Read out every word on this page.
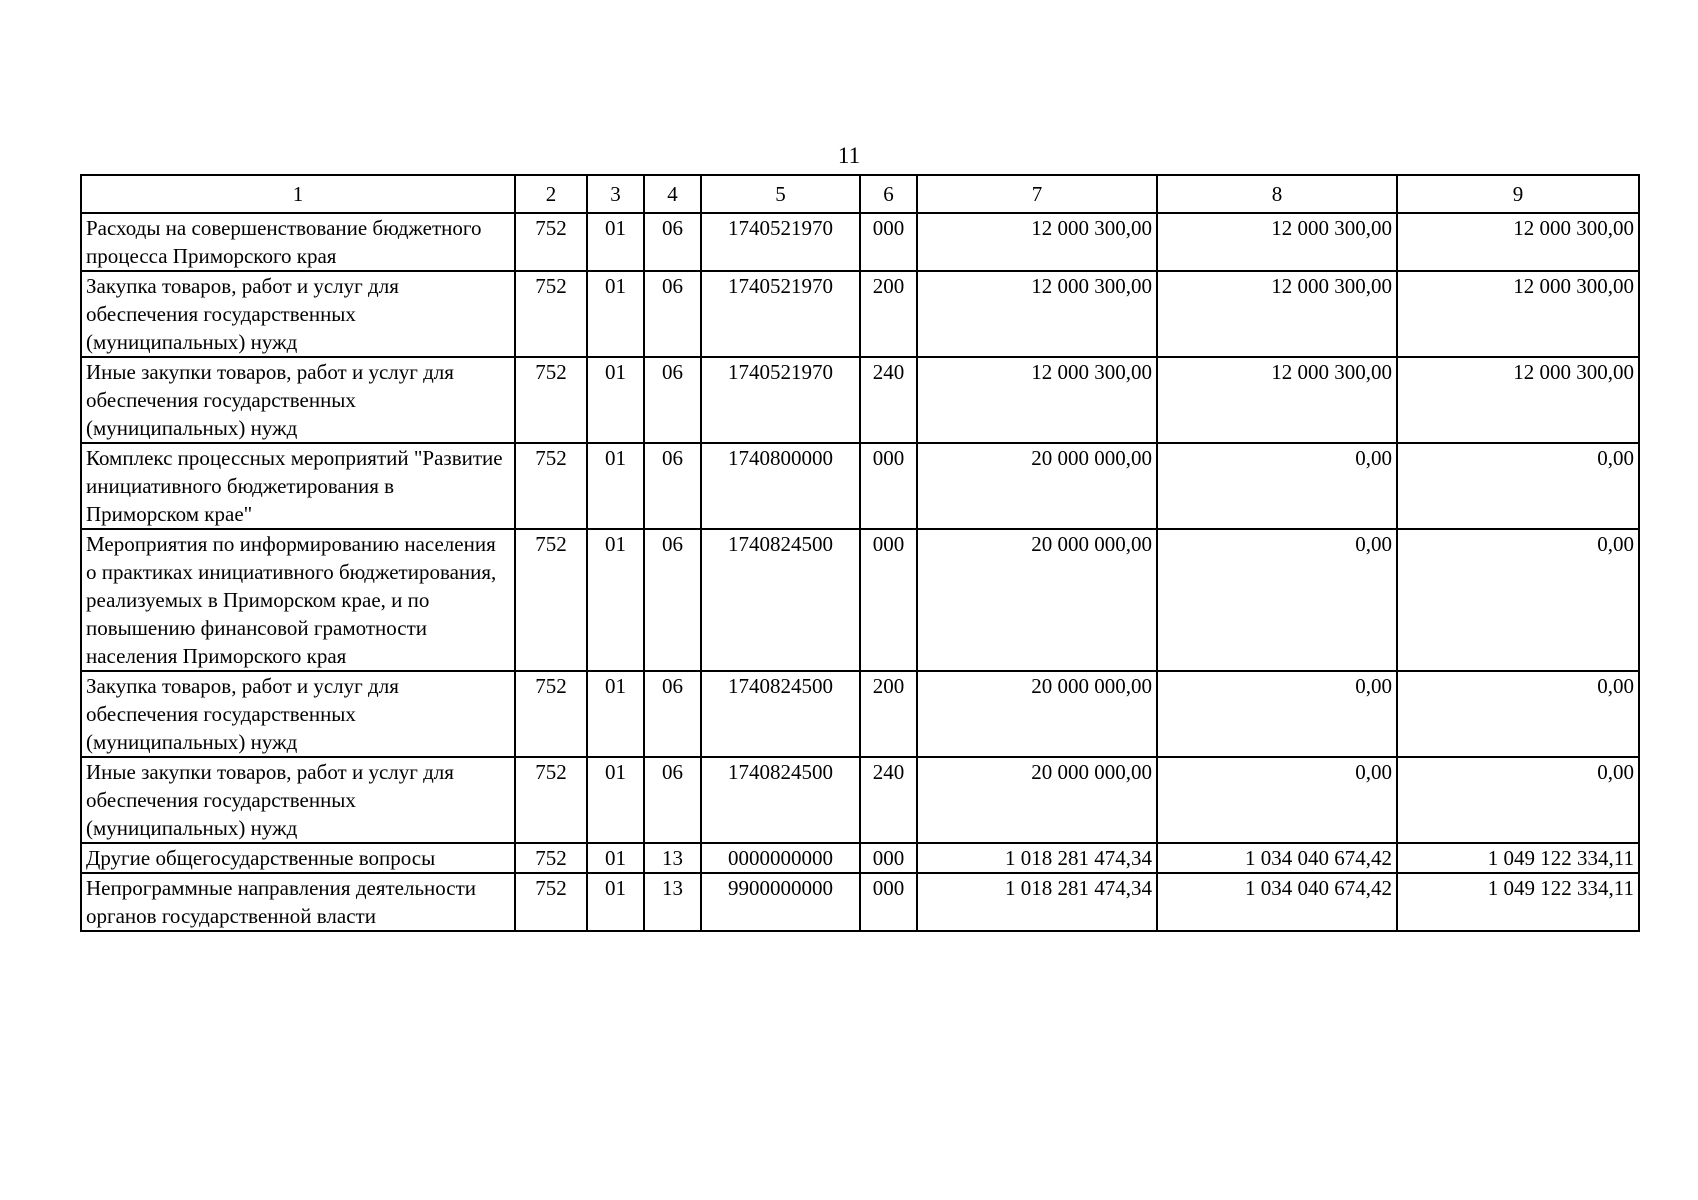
11
1	2	3	4	5	6	7	8	9
Расходы на совершенствование бюджетного процесса Приморского края	752	01	06	1740521970	000	12 000 300,00	12 000 300,00	12 000 300,00
Закупка товаров, работ и услуг для обеспечения государственных (муниципальных) нужд	752	01	06	1740521970	200	12 000 300,00	12 000 300,00	12 000 300,00
Иные закупки товаров, работ и услуг для обеспечения государственных (муниципальных) нужд	752	01	06	1740521970	240	12 000 300,00	12 000 300,00	12 000 300,00
Комплекс процессных мероприятий "Развитие инициативного бюджетирования в Приморском крае"	752	01	06	1740800000	000	20 000 000,00	0,00	0,00
Мероприятия по информированию населения о практиках инициативного бюджетирования, реализуемых в Приморском крае, и по повышению финансовой грамотности населения Приморского края	752	01	06	1740824500	000	20 000 000,00	0,00	0,00
Закупка товаров, работ и услуг для обеспечения государственных (муниципальных) нужд	752	01	06	1740824500	200	20 000 000,00	0,00	0,00
Иные закупки товаров, работ и услуг для обеспечения государственных (муниципальных) нужд	752	01	06	1740824500	240	20 000 000,00	0,00	0,00
Другие общегосударственные вопросы	752	01	13	0000000000	000	1 018 281 474,34	1 034 040 674,42	1 049 122 334,11
Непрограммные направления деятельности органов государственной власти	752	01	13	9900000000	000	1 018 281 474,34	1 034 040 674,42	1 049 122 334,11
